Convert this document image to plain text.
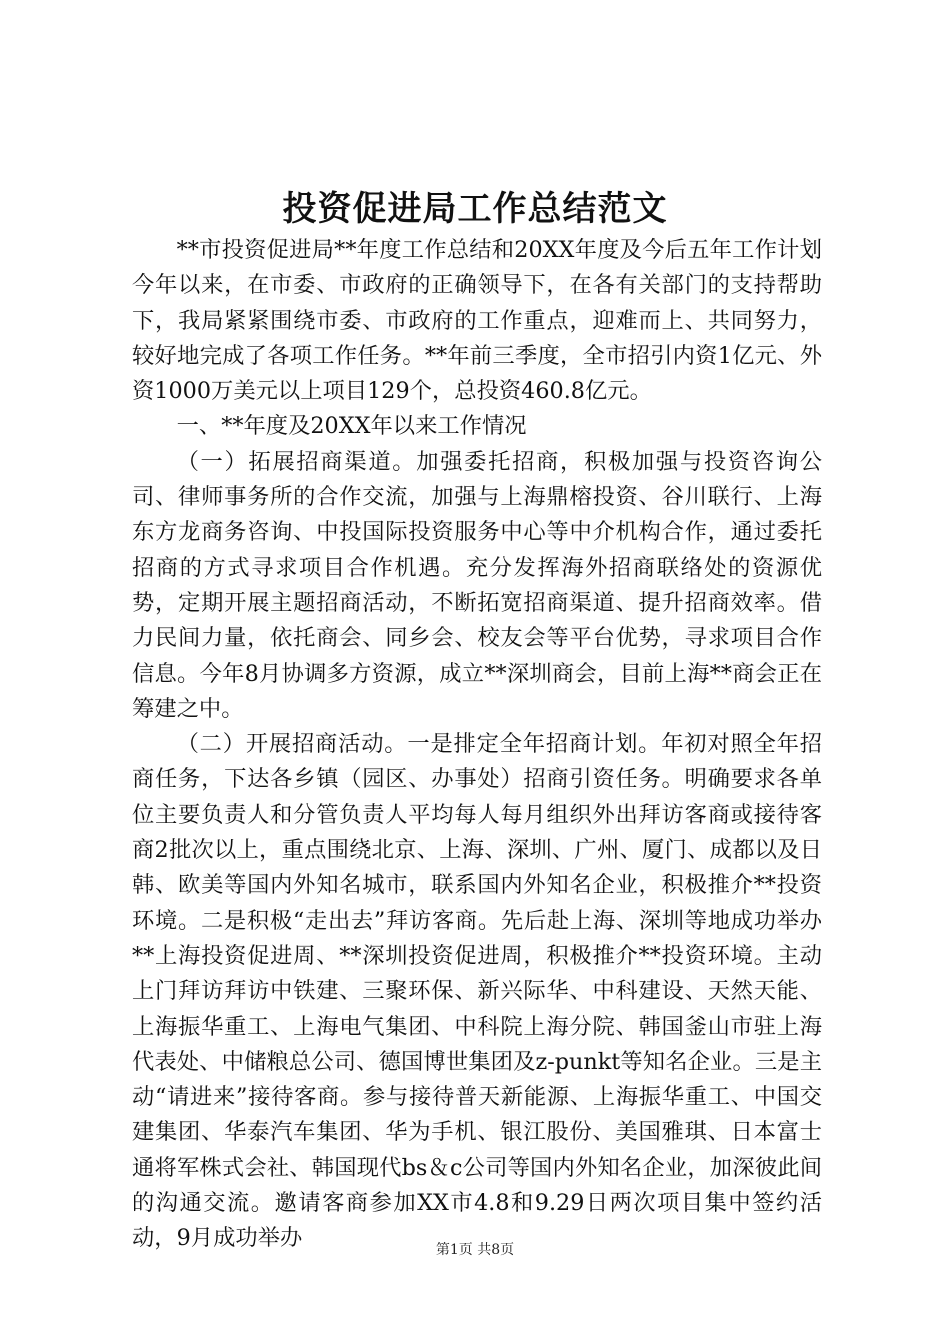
投资促进局工作总结范文

**市投资促进局**年度工作总结和20XX年度及今后五年工作计划今年以来，在市委、市政府的正确领导下，在各有关部门的支持帮助下，我局紧紧围绕市委、市政府的工作重点，迎难而上、共同努力，较好地完成了各项工作任务。**年前三季度，全市招引内资1亿元、外资1000万美元以上项目129个，总投资460.8亿元。

一、**年度及20XX年以来工作情况

（一）拓展招商渠道。加强委托招商，积极加强与投资咨询公司、律师事务所的合作交流，加强与上海鼎榕投资、谷川联行、上海东方龙商务咨询、中投国际投资服务中心等中介机构合作，通过委托招商的方式寻求项目合作机遇。充分发挥海外招商联络处的资源优势，定期开展主题招商活动，不断拓宽招商渠道、提升招商效率。借力民间力量，依托商会、同乡会、校友会等平台优势，寻求项目合作信息。今年8月协调多方资源，成立**深圳商会，目前上海**商会正在筹建之中。

（二）开展招商活动。一是排定全年招商计划。年初对照全年招商任务，下达各乡镇（园区、办事处）招商引资任务。明确要求各单位主要负责人和分管负责人平均每人每月组织外出拜访客商或接待客商2批次以上，重点围绕北京、上海、深圳、广州、厦门、成都以及日韩、欧美等国内外知名城市，联系国内外知名企业，积极推介**投资环境。二是积极“走出去”拜访客商。先后赴上海、深圳等地成功举办**上海投资促进周、**深圳投资促进周，积极推介**投资环境。主动上门拜访拜访中铁建、三聚环保、新兴际华、中科建设、天然天能、上海振华重工、上海电气集团、中科院上海分院、韩国釜山市驻上海代表处、中储粮总公司、德国博世集团及z-punkt等知名企业。三是主动“请进来”接待客商。参与接待普天新能源、上海振华重工、中国交建集团、华泰汽车集团、华为手机、银江股份、美国雅琪、日本富士通将军株式会社、韩国现代bs＆c公司等国内外知名企业，加深彼此间的沟通交流。邀请客商参加XX市4.8和9.29日两次项目集中签约活动，9月成功举办	第1页 共8页
